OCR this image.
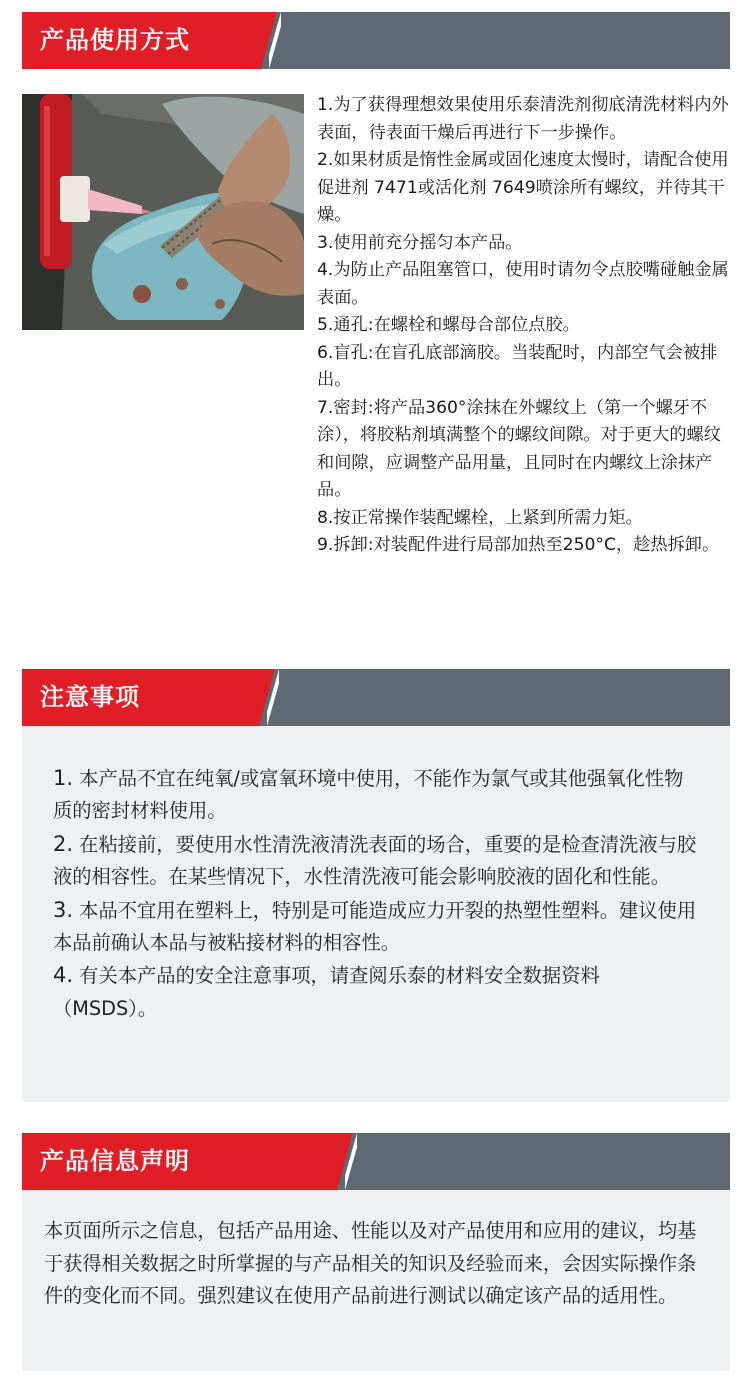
产品使用方式
1.为了获得理想效果使用乐泰清洗剂彻底清洗材料内外表面，待表面干燥后再进行下一步操作。
2.如果材质是惰性金属或固化速度太慢时，请配合使用促进剂 7471或活化剂 7649喷涂所有螺纹，并待其干燥。
3.使用前充分摇匀本产品。
4.为防止产品阻塞管口，使用时请勿令点胶嘴碰触金属表面。
5.通孔:在螺栓和螺母合部位点胶。
6.盲孔:在盲孔底部滴胶。当装配时，内部空气会被排出。
7.密封:将产品360°涂抹在外螺纹上（第一个螺牙不涂），将胶粘剂填满整个的螺纹间隙。对于更大的螺纹和间隙，应调整产品用量，且同时在内螺纹上涂抹产品。
8.按正常操作装配螺栓，上紧到所需力矩。
9.拆卸:对装配件进行局部加热至250°C，趁热拆卸。
注意事项
1. 本产品不宜在纯氧/或富氧环境中使用，不能作为氯气或其他强氧化性物质的密封材料使用。
2. 在粘接前，要使用水性清洗液清洗表面的场合，重要的是检查清洗液与胶液的相容性。在某些情况下，水性清洗液可能会影响胶液的固化和性能。
3. 本品不宜用在塑料上，特别是可能造成应力开裂的热塑性塑料。建议使用本品前确认本品与被粘接材料的相容性。
4. 有关本产品的安全注意事项，请查阅乐泰的材料安全数据资料（MSDS）。
产品信息声明

本页面所示之信息，包括产品用途、性能以及对产品使用和应用的建议，均基于获得相关数据之时所掌握的与产品相关的知识及经验而来，会因实际操作条件的变化而不同。强烈建议在使用产品前进行测试以确定该产品的适用性。
